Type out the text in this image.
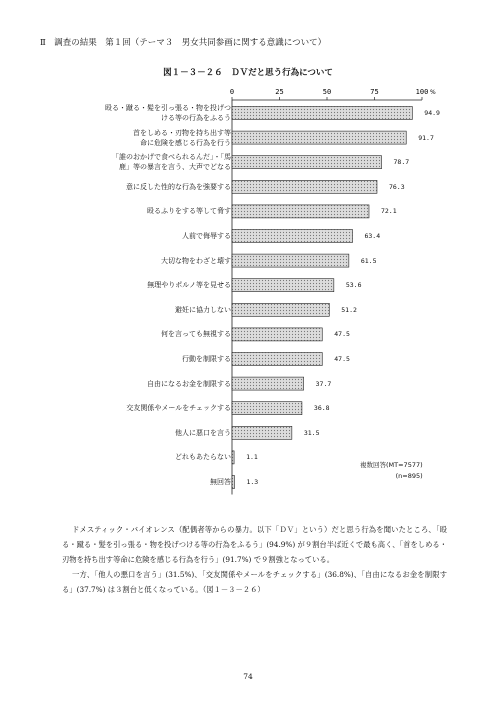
Ⅱ　調査の結果　第１回（テーマ３　男女共同参画に関する意識について）
図１－３－２６　ＤＶだと思う行為について
0	25	50	75	100 %
殴る・蹴る・髪を引っ張る・物を投げつ
ける等の行為をふるう
首をしめる・刃物を持ち出す等
命に危険を感じる行為を行う
「誰のおかげで食べられるんだ」・「馬
鹿」等の暴言を言う、大声でどなる
意に反した性的な行為を強要する
殴るふりをする等して脅す
人前で侮辱する
大切な物をわざと壊す
無理やりポルノ等を見せる
避妊に協力しない
何を言っても無視する
行動を制限する
自由になるお金を制限する
交友関係やメールをチェックする
他人に悪口を言う
どれもあたらない
無回答
94.9
91.7
78.7
76.3
72.1
63.4
61.5
53.6
51.2
47.5
47.5
37.7
36.8
31.5
1.1
1.3
複数回答(MT=7577)
(n=895)

ドメスティック・バイオレンス（配偶者等からの暴力。以下「ＤＶ」という）だと思う行為を聞いたところ、「殴る・蹴る・髪を引っ張る・物を投げつける等の行為をふるう」(94.9%) が９割台半ば近くで最も高く、「首をしめる・刃物を持ち出す等命に危険を感じる行為を行う」(91.7%) で９割強となっている。

一方、「他人の悪口を言う」(31.5%)、「交友関係やメールをチェックする」(36.8%)、「自由になるお金を制限する」(37.7%) は３割台と低くなっている。（図１－３－２６）

74
